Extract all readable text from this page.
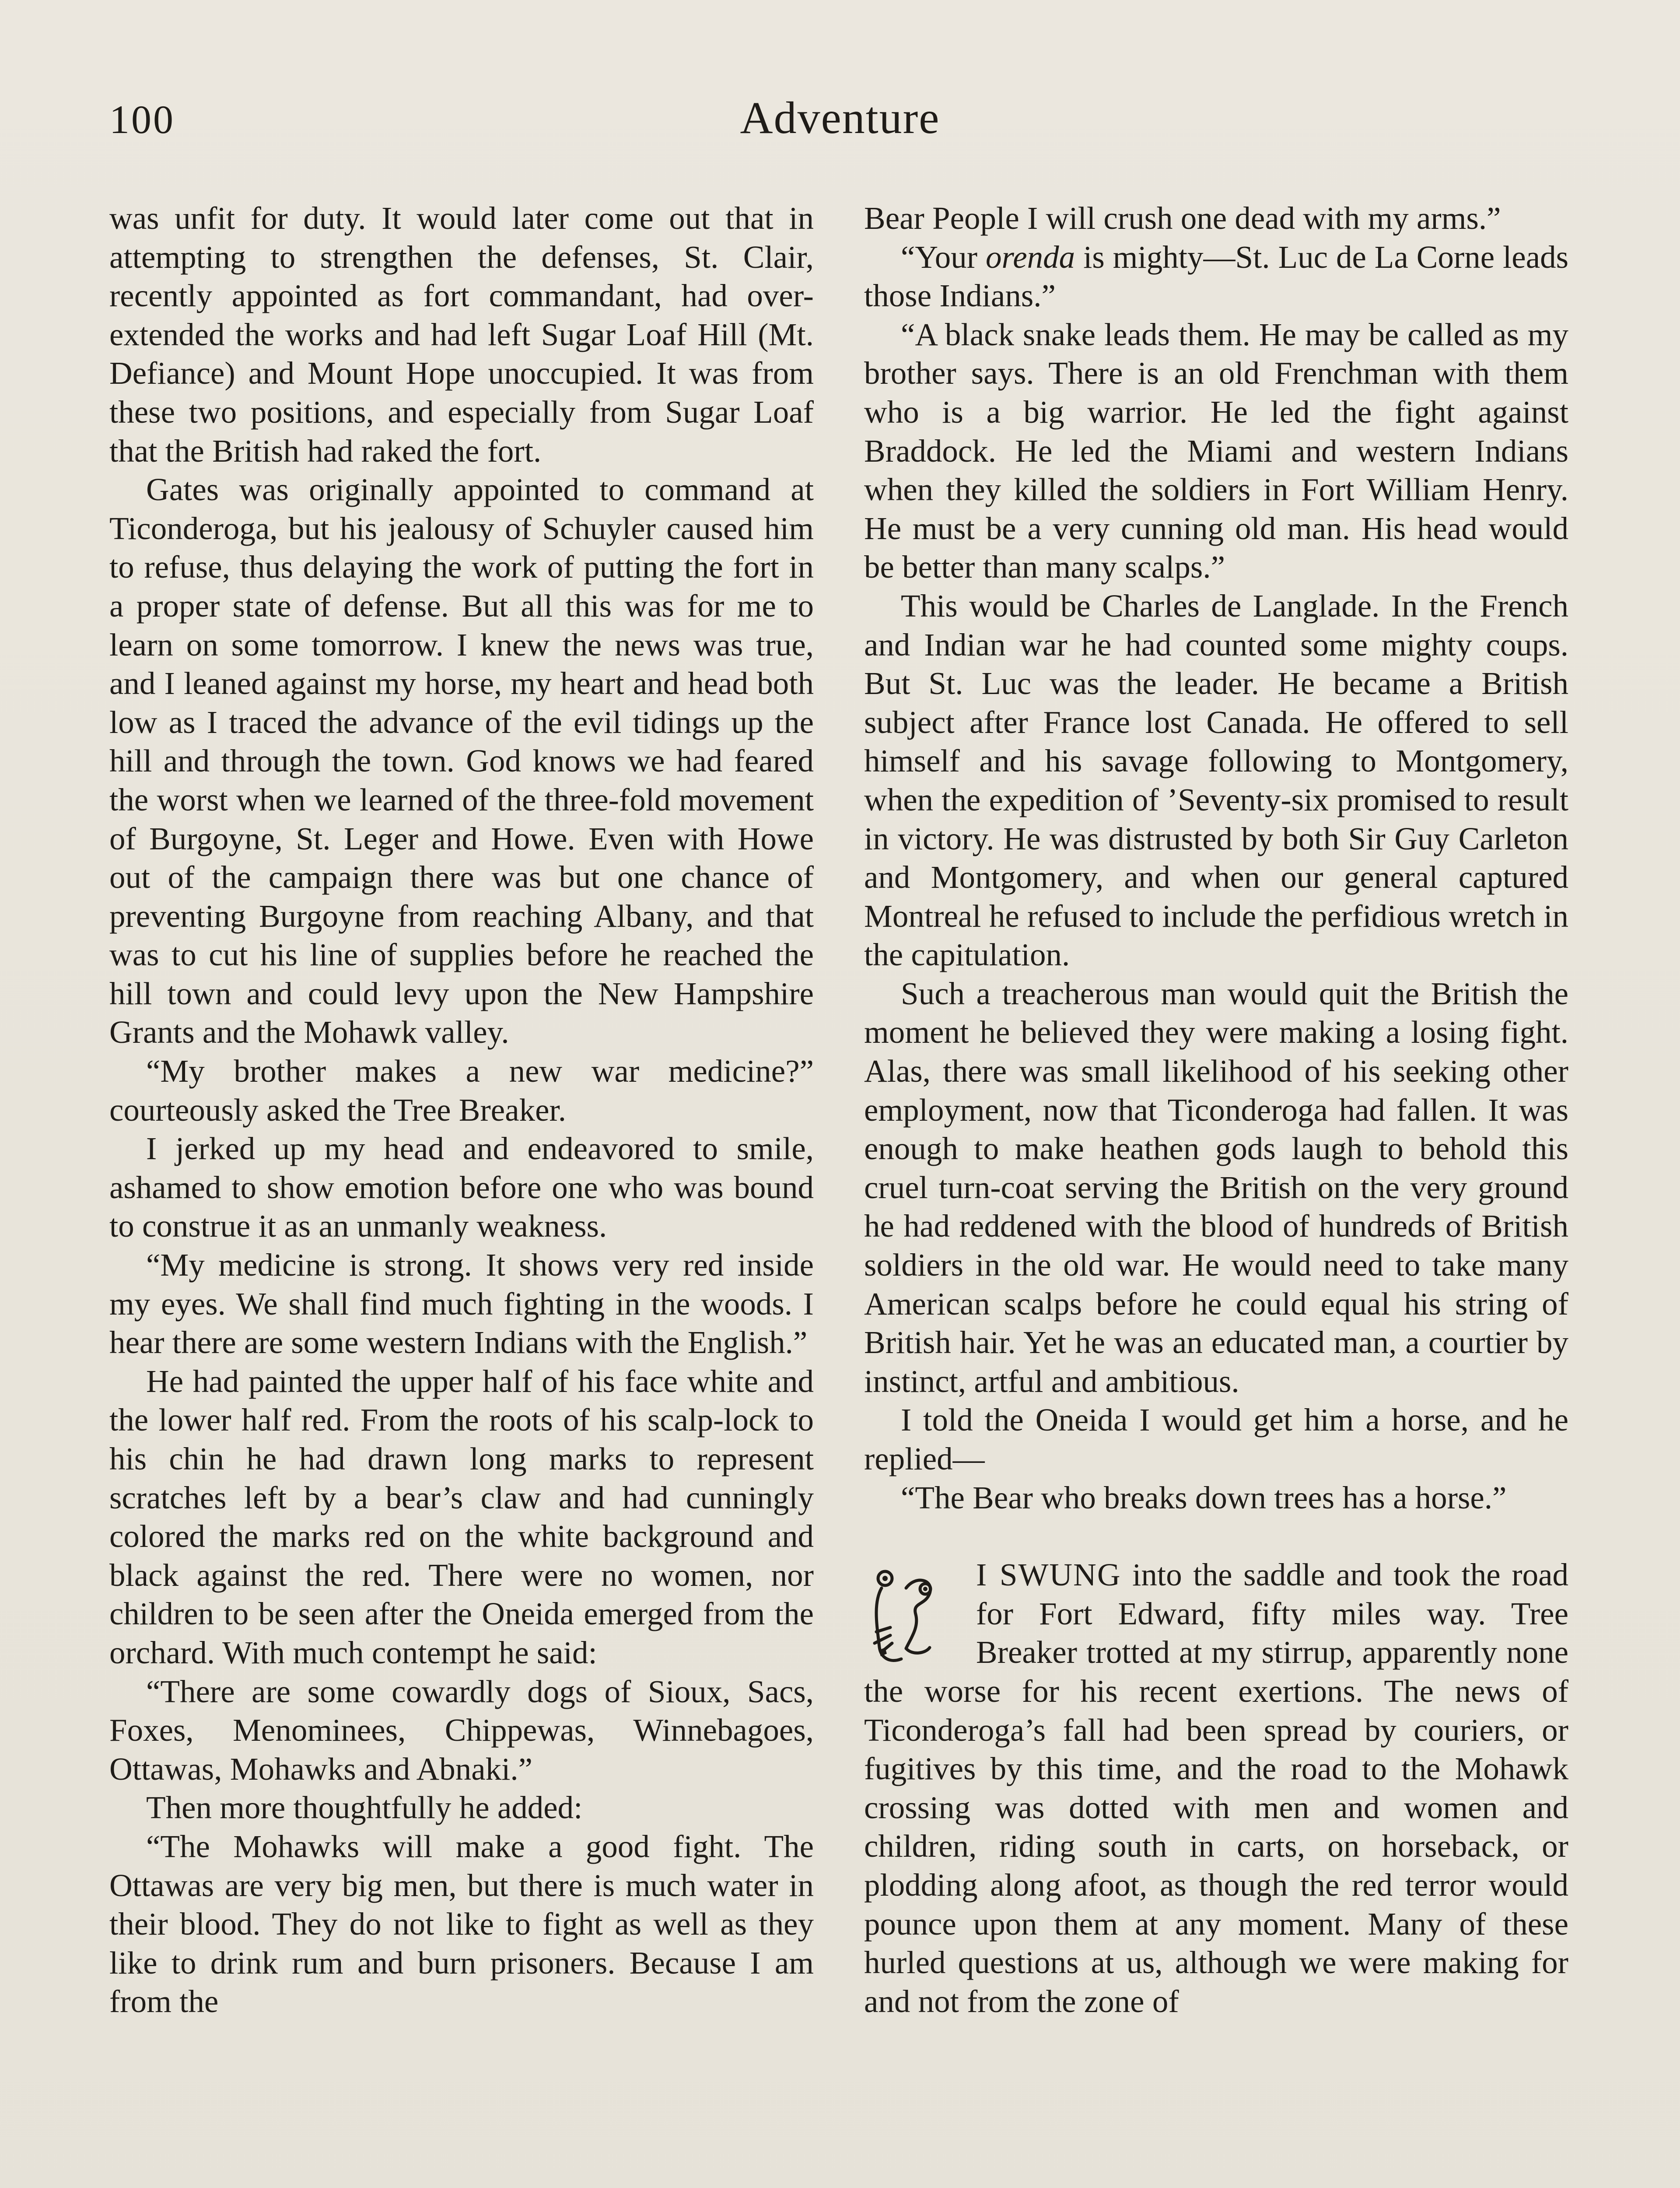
100	Adventure

was unfit for duty. It would later come out that in attempting to strengthen the defenses, St. Clair, recently appointed as fort commandant, had over-extended the works and had left Sugar Loaf Hill (Mt. Defiance) and Mount Hope unoccupied. It was from these two positions, and especially from Sugar Loaf that the British had raked the fort.

Gates was originally appointed to command at Ticonderoga, but his jealousy of Schuyler caused him to refuse, thus delaying the work of putting the fort in a proper state of defense. But all this was for me to learn on some tomorrow. I knew the news was true, and I leaned against my horse, my heart and head both low as I traced the advance of the evil tidings up the hill and through the town. God knows we had feared the worst when we learned of the three-fold movement of Burgoyne, St. Leger and Howe. Even with Howe out of the campaign there was but one chance of preventing Burgoyne from reaching Albany, and that was to cut his line of supplies before he reached the hill town and could levy upon the New Hampshire Grants and the Mohawk valley.

“My brother makes a new war medicine?” courteously asked the Tree Breaker.

I jerked up my head and endeavored to smile, ashamed to show emotion before one who was bound to construe it as an unmanly weakness.

“My medicine is strong. It shows very red inside my eyes. We shall find much fighting in the woods. I hear there are some western Indians with the English.”

He had painted the upper half of his face white and the lower half red. From the roots of his scalp-lock to his chin he had drawn long marks to represent scratches left by a bear’s claw and had cunningly colored the marks red on the white background and black against the red. There were no women, nor children to be seen after the Oneida emerged from the orchard. With much contempt he said:

“There are some cowardly dogs of Sioux, Sacs, Foxes, Menominees, Chippewas, Winnebagoes, Ottawas, Mohawks and Abnaki.”

Then more thoughtfully he added:

“The Mohawks will make a good fight. The Ottawas are very big men, but there is much water in their blood. They do not like to fight as well as they like to drink rum and burn prisoners. Because I am from the

Bear People I will crush one dead with my arms.”

“Your orenda is mighty—St. Luc de La Corne leads those Indians.”

“A black snake leads them. He may be called as my brother says. There is an old Frenchman with them who is a big warrior. He led the fight against Braddock. He led the Miami and western Indians when they killed the soldiers in Fort William Henry. He must be a very cunning old man. His head would be better than many scalps.”

This would be Charles de Langlade. In the French and Indian war he had counted some mighty coups. But St. Luc was the leader. He became a British subject after France lost Canada. He offered to sell himself and his savage following to Montgomery, when the expedition of ’Seventy-six promised to result in victory. He was distrusted by both Sir Guy Carleton and Montgomery, and when our general captured Montreal he refused to include the perfidious wretch in the capitulation.

Such a treacherous man would quit the British the moment he believed they were making a losing fight. Alas, there was small likelihood of his seeking other employment, now that Ticonderoga had fallen. It was enough to make heathen gods laugh to behold this cruel turn-coat serving the British on the very ground he had reddened with the blood of hundreds of British soldiers in the old war. He would need to take many American scalps before he could equal his string of British hair. Yet he was an educated man, a courtier by instinct, artful and ambitious.

I told the Oneida I would get him a horse, and he replied—

“The Bear who breaks down trees has a horse.”

I SWUNG into the saddle and took the road for Fort Edward, fifty miles way. Tree Breaker trotted at my stirrup, apparently none the worse for his recent exertions. The news of Ticonderoga’s fall had been spread by couriers, or fugitives by this time, and the road to the Mohawk crossing was dotted with men and women and children, riding south in carts, on horseback, or plodding along afoot, as though the red terror would pounce upon them at any moment. Many of these hurled questions at us, although we were making for and not from the zone of
